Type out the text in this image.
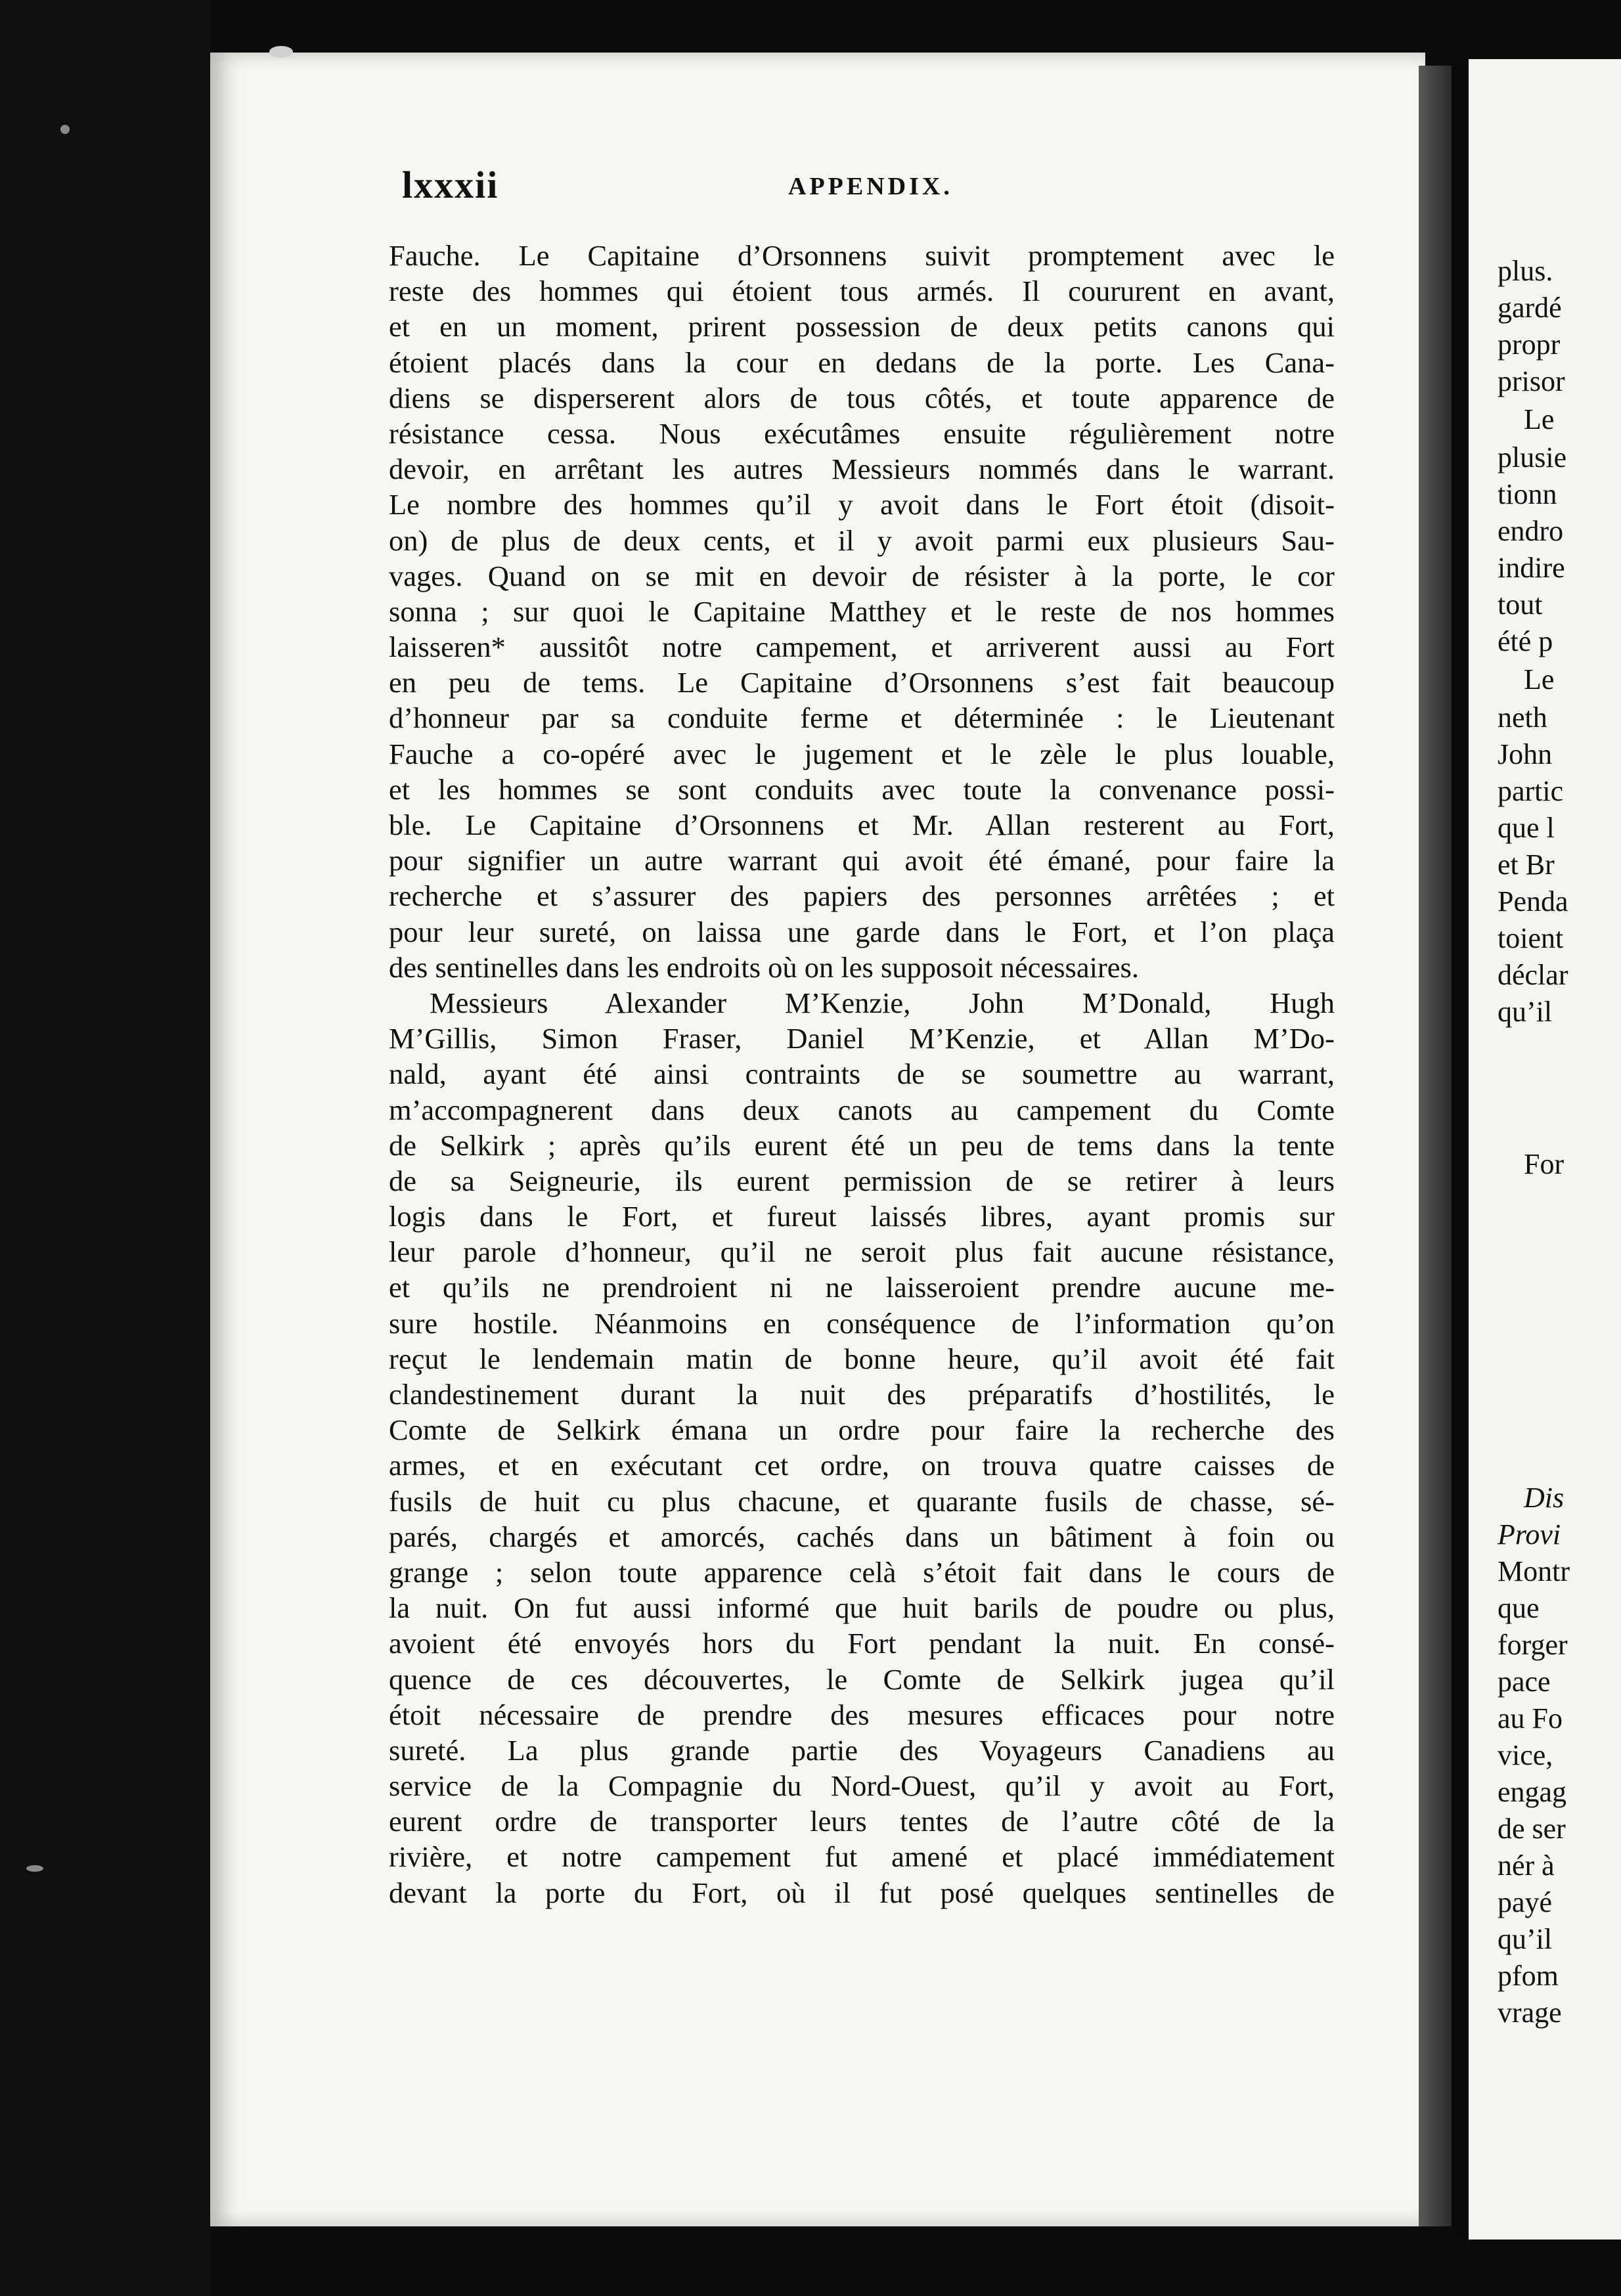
lxxxii	APPENDIX.
Fauche. Le Capitaine d’Orsonnens suivit promptement avec le
reste des hommes qui étoient tous armés. Il coururent en avant,
et en un moment, prirent possession de deux petits canons qui
étoient placés dans la cour en dedans de la porte. Les Cana-
diens se disperserent alors de tous côtés, et toute apparence de
résistance cessa. Nous exécutâmes ensuite régulièrement notre
devoir, en arrêtant les autres Messieurs nommés dans le warrant.
Le nombre des hommes qu’il y avoit dans le Fort étoit (disoit-
on) de plus de deux cents, et il y avoit parmi eux plusieurs Sau-
vages. Quand on se mit en devoir de résister à la porte, le cor
sonna ; sur quoi le Capitaine Matthey et le reste de nos hommes
laisseren* aussitôt notre campement, et arriverent aussi au Fort
en peu de tems. Le Capitaine d’Orsonnens s’est fait beaucoup
d’honneur par sa conduite ferme et déterminée : le Lieutenant
Fauche a co-opéré avec le jugement et le zèle le plus louable,
et les hommes se sont conduits avec toute la convenance possi-
ble. Le Capitaine d’Orsonnens et Mr. Allan resterent au Fort,
pour signifier un autre warrant qui avoit été émané, pour faire la
recherche et s’assurer des papiers des personnes arrêtées ; et
pour leur sureté, on laissa une garde dans le Fort, et l’on plaça
des sentinelles dans les endroits où on les supposoit nécessaires.
Messieurs Alexander M’Kenzie, John M’Donald, Hugh
M’Gillis, Simon Fraser, Daniel M’Kenzie, et Allan M’Do-
nald, ayant été ainsi contraints de se soumettre au warrant,
m’accompagnerent dans deux canots au campement du Comte
de Selkirk ; après qu’ils eurent été un peu de tems dans la tente
de sa Seigneurie, ils eurent permission de se retirer à leurs
logis dans le Fort, et fureut laissés libres, ayant promis sur
leur parole d’honneur, qu’il ne seroit plus fait aucune résistance,
et qu’ils ne prendroient ni ne laisseroient prendre aucune me-
sure hostile. Néanmoins en conséquence de l’information qu’on
reçut le lendemain matin de bonne heure, qu’il avoit été fait
clandestinement durant la nuit des préparatifs d’hostilités, le
Comte de Selkirk émana un ordre pour faire la recherche des
armes, et en exécutant cet ordre, on trouva quatre caisses de
fusils de huit cu plus chacune, et quarante fusils de chasse, sé-
parés, chargés et amorcés, cachés dans un bâtiment à foin ou
grange ; selon toute apparence celà s’étoit fait dans le cours de
la nuit. On fut aussi informé que huit barils de poudre ou plus,
avoient été envoyés hors du Fort pendant la nuit. En consé-
quence de ces découvertes, le Comte de Selkirk jugea qu’il
étoit nécessaire de prendre des mesures efficaces pour notre
sureté. La plus grande partie des Voyageurs Canadiens au
service de la Compagnie du Nord-Ouest, qu’il y avoit au Fort,
eurent ordre de transporter leurs tentes de l’autre côté de la
rivière, et notre campement fut amené et placé immédiatement
devant la porte du Fort, où il fut posé quelques sentinelles de
plus.
gardé
propr
prisor
Le
plusie
tionn
endro
indire
tout
été p
Le
neth
John
partic
que l
et Br
Penda
toient
déclar
qu’il
For
Dis
Provi
Montr
que
forger
pace
au Fo
vice,
engag
de ser
nér à
payé
qu’il
pfom
vrage
